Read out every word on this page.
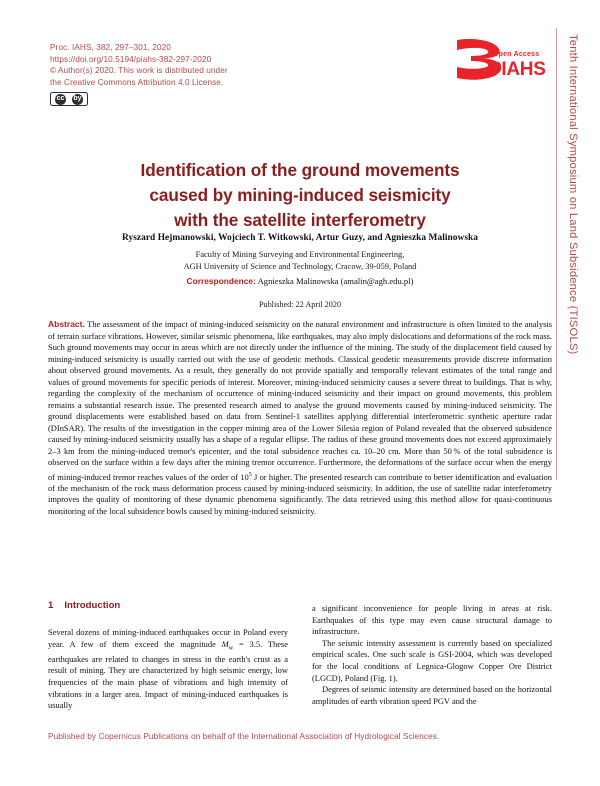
Proc. IAHS, 382, 297–301, 2020
https://doi.org/10.5194/piahs-382-297-2020
© Author(s) 2020. This work is distributed under
the Creative Commons Attribution 4.0 License.
cc by
Open Access
PIAHS	Tenth International Symposium on Land Subsidence (TISOLS)
Identification of the ground movements
caused by mining-induced seismicity
with the satellite interferometry
Ryszard Hejmanowski, Wojciech T. Witkowski, Artur Guzy, and Agnieszka Malinowska
Faculty of Mining Surveying and Environmental Engineering,
AGH University of Science and Technology, Cracow, 39-059, Poland
Correspondence: Agnieszka Malinowska (amalin@agh.edu.pl)
Published: 22 April 2020

Abstract. The assessment of the impact of mining-induced seismicity on the natural environment and infrastructure is often limited to the analysis of terrain surface vibrations. However, similar seismic phenomena, like earthquakes, may also imply dislocations and deformations of the rock mass. Such ground movements may occur in areas which are not directly under the influence of the mining. The study of the displacement field caused by mining-induced seismicity is usually carried out with the use of geodetic methods. Classical geodetic measurements provide discrete information about observed ground movements. As a result, they generally do not provide spatially and temporally relevant estimates of the total range and values of ground movements for specific periods of interest. Moreover, mining-induced seismicity causes a severe threat to buildings. That is why, regarding the complexity of the mechanism of occurrence of mining-induced seismicity and their impact on ground movements, this problem remains a substantial research issue. The presented research aimed to analyse the ground movements caused by mining-induced seismicity. The ground displacements were established based on data from Sentinel-1 satellites applying differential interferometric synthetic aperture radar (DInSAR). The results of the investigation in the copper mining area of the Lower Silesia region of Poland revealed that the observed subsidence caused by mining-induced seismicity usually has a shape of a regular ellipse. The radius of these ground movements does not exceed approximately 2–3 km from the mining-induced tremor's epicenter, and the total subsidence reaches ca. 10–20 cm. More than 50 % of the total subsidence is observed on the surface within a few days after the mining tremor occurrence. Furthermore, the deformations of the surface occur when the energy of mining-induced tremor reaches values of the order of $10^5$ J or higher. The presented research can contribute to better identification and evaluation of the mechanism of the rock mass deformation process caused by mining-induced seismicity. In addition, the use of satellite radar interferometry improves the quality of monitoring of these dynamic phenomena significantly. The data retrieved using this method allow for quasi-continuous monitoring of the local subsidence bowls caused by mining-induced seismicity.

1 Introduction

Several dozens of mining-induced earthquakes occur in Poland every year. A few of them exceed the magnitude $M_w = 3.5$. These earthquakes are related to changes in stress in the earth's crust as a result of mining. They are characterized by high seismic energy, low frequencies of the main phase of vibrations and high intensity of vibrations in a larger area. Impact of mining-induced earthquakes is usually

a significant inconvenience for people living in areas at risk. Earthquakes of this type may even cause structural damage to infrastructure.

The seismic intensity assessment is currently based on specialized empirical scales. One such scale is GSI-2004, which was developed for the local conditions of Legnica-Glogow Copper Ore District (LGCD), Poland (Fig. 1).

Degrees of seismic intensity are determined based on the horizontal amplitudes of earth vibration speed PGV and the

Published by Copernicus Publications on behalf of the International Association of Hydrological Sciences.
